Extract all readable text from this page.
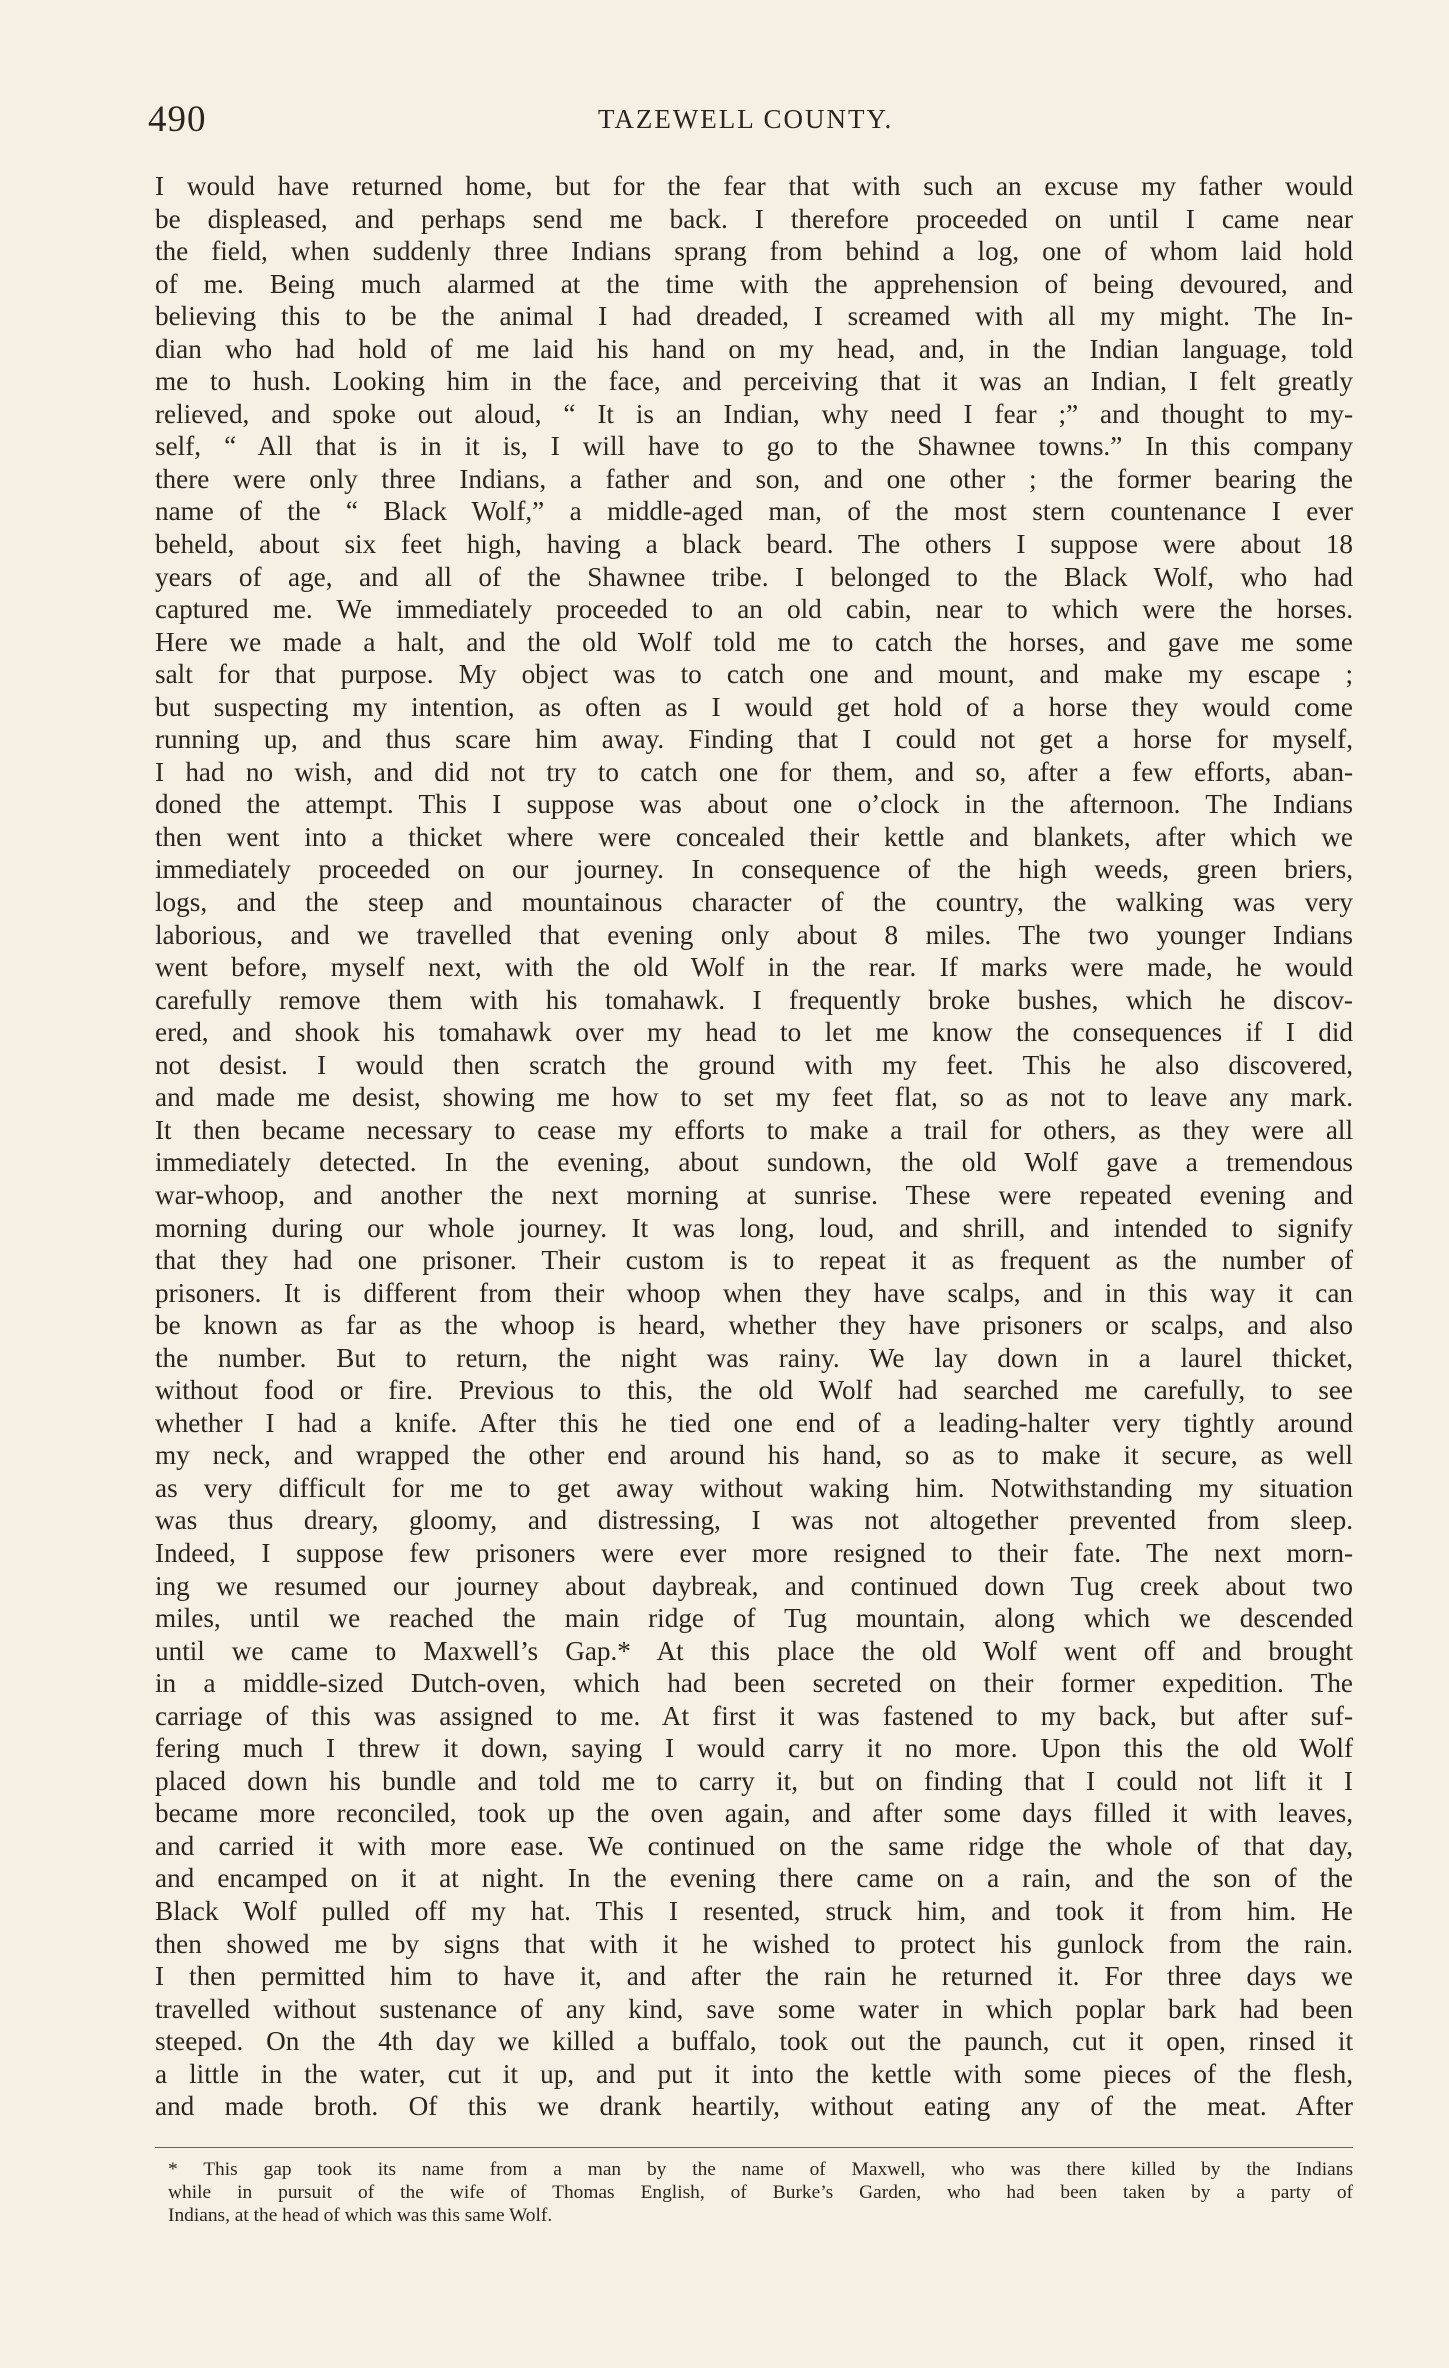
490	TAZEWELL COUNTY.
I would have returned home, but for the fear that with such an excuse my father would
be displeased, and perhaps send me back. I therefore proceeded on until I came near
the field, when suddenly three Indians sprang from behind a log, one of whom laid hold
of me. Being much alarmed at the time with the apprehension of being devoured, and
believing this to be the animal I had dreaded, I screamed with all my might. The In-
dian who had hold of me laid his hand on my head, and, in the Indian language, told
me to hush. Looking him in the face, and perceiving that it was an Indian, I felt greatly
relieved, and spoke out aloud, “ It is an Indian, why need I fear ;” and thought to my-
self, “ All that is in it is, I will have to go to the Shawnee towns.” In this company
there were only three Indians, a father and son, and one other ; the former bearing the
name of the “ Black Wolf,” a middle-aged man, of the most stern countenance I ever
beheld, about six feet high, having a black beard. The others I suppose were about 18
years of age, and all of the Shawnee tribe. I belonged to the Black Wolf, who had
captured me. We immediately proceeded to an old cabin, near to which were the horses.
Here we made a halt, and the old Wolf told me to catch the horses, and gave me some
salt for that purpose. My object was to catch one and mount, and make my escape ;
but suspecting my intention, as often as I would get hold of a horse they would come
running up, and thus scare him away. Finding that I could not get a horse for myself,
I had no wish, and did not try to catch one for them, and so, after a few efforts, aban-
doned the attempt. This I suppose was about one o’clock in the afternoon. The Indians
then went into a thicket where were concealed their kettle and blankets, after which we
immediately proceeded on our journey. In consequence of the high weeds, green briers,
logs, and the steep and mountainous character of the country, the walking was very
laborious, and we travelled that evening only about 8 miles. The two younger Indians
went before, myself next, with the old Wolf in the rear. If marks were made, he would
carefully remove them with his tomahawk. I frequently broke bushes, which he discov-
ered, and shook his tomahawk over my head to let me know the consequences if I did
not desist. I would then scratch the ground with my feet. This he also discovered,
and made me desist, showing me how to set my feet flat, so as not to leave any mark.
It then became necessary to cease my efforts to make a trail for others, as they were all
immediately detected. In the evening, about sundown, the old Wolf gave a tremendous
war-whoop, and another the next morning at sunrise. These were repeated evening and
morning during our whole journey. It was long, loud, and shrill, and intended to signify
that they had one prisoner. Their custom is to repeat it as frequent as the number of
prisoners. It is different from their whoop when they have scalps, and in this way it can
be known as far as the whoop is heard, whether they have prisoners or scalps, and also
the number. But to return, the night was rainy. We lay down in a laurel thicket,
without food or fire. Previous to this, the old Wolf had searched me carefully, to see
whether I had a knife. After this he tied one end of a leading-halter very tightly around
my neck, and wrapped the other end around his hand, so as to make it secure, as well
as very difficult for me to get away without waking him. Notwithstanding my situation
was thus dreary, gloomy, and distressing, I was not altogether prevented from sleep.
Indeed, I suppose few prisoners were ever more resigned to their fate. The next morn-
ing we resumed our journey about daybreak, and continued down Tug creek about two
miles, until we reached the main ridge of Tug mountain, along which we descended
until we came to Maxwell’s Gap.* At this place the old Wolf went off and brought
in a middle-sized Dutch-oven, which had been secreted on their former expedition. The
carriage of this was assigned to me. At first it was fastened to my back, but after suf-
fering much I threw it down, saying I would carry it no more. Upon this the old Wolf
placed down his bundle and told me to carry it, but on finding that I could not lift it I
became more reconciled, took up the oven again, and after some days filled it with leaves,
and carried it with more ease. We continued on the same ridge the whole of that day,
and encamped on it at night. In the evening there came on a rain, and the son of the
Black Wolf pulled off my hat. This I resented, struck him, and took it from him. He
then showed me by signs that with it he wished to protect his gunlock from the rain.
I then permitted him to have it, and after the rain he returned it. For three days we
travelled without sustenance of any kind, save some water in which poplar bark had been
steeped. On the 4th day we killed a buffalo, took out the paunch, cut it open, rinsed it
a little in the water, cut it up, and put it into the kettle with some pieces of the flesh,
and made broth. Of this we drank heartily, without eating any of the meat. After
* This gap took its name from a man by the name of Maxwell, who was there killed by the Indians
while in pursuit of the wife of Thomas English, of Burke’s Garden, who had been taken by a party of
Indians, at the head of which was this same Wolf.
